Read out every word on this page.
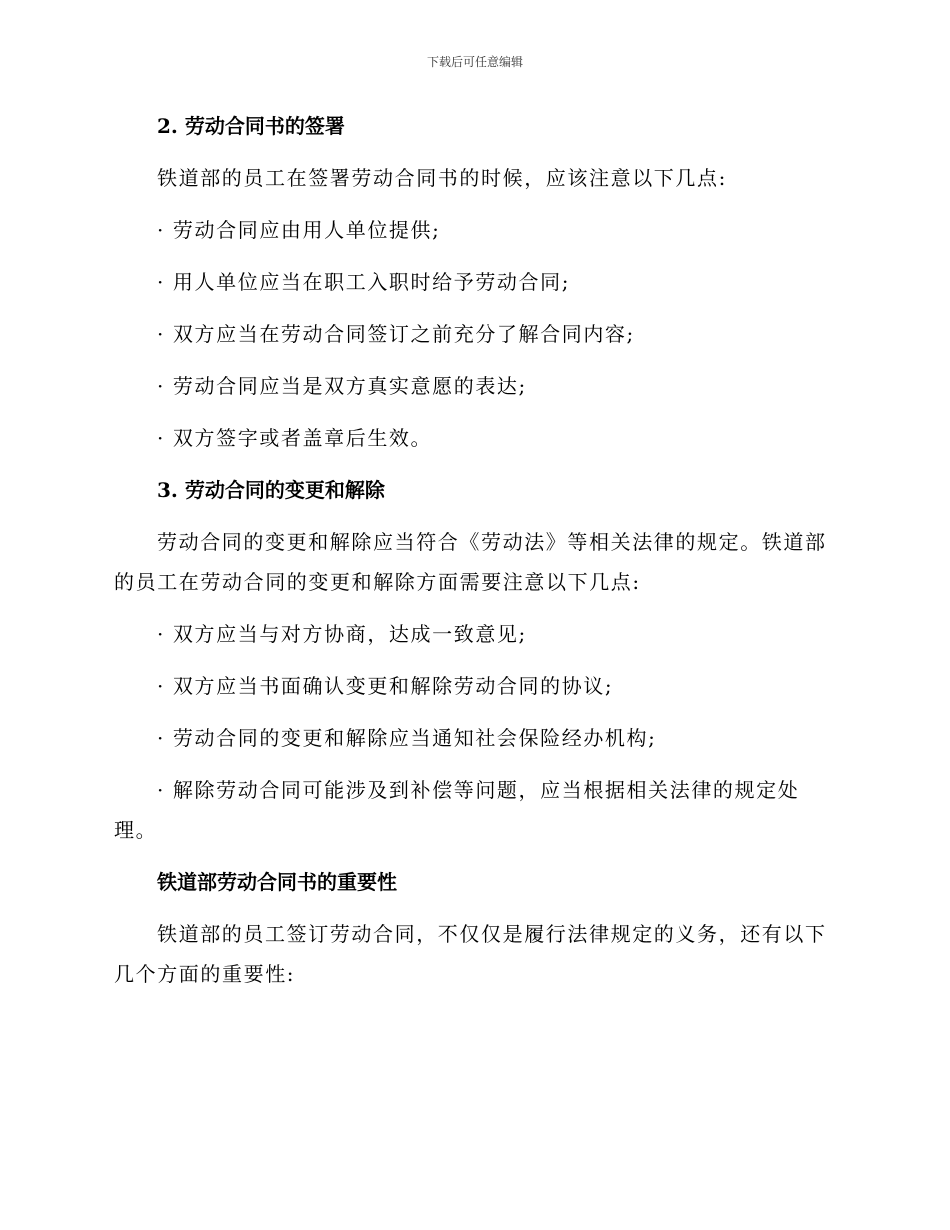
下载后可任意编辑
2. 劳动合同书的签署
铁道部的员工在签署劳动合同书的时候，应该注意以下几点:
· 劳动合同应由用人单位提供;
· 用人单位应当在职工入职时给予劳动合同;
· 双方应当在劳动合同签订之前充分了解合同内容;
· 劳动合同应当是双方真实意愿的表达;
· 双方签字或者盖章后生效。
3. 劳动合同的变更和解除
劳动合同的变更和解除应当符合《劳动法》等相关法律的规定。铁道部的员工在劳动合同的变更和解除方面需要注意以下几点:
· 双方应当与对方协商，达成一致意见;
· 双方应当书面确认变更和解除劳动合同的协议;
· 劳动合同的变更和解除应当通知社会保险经办机构;
· 解除劳动合同可能涉及到补偿等问题，应当根据相关法律的规定处理。
铁道部劳动合同书的重要性
铁道部的员工签订劳动合同，不仅仅是履行法律规定的义务，还有以下几个方面的重要性:
